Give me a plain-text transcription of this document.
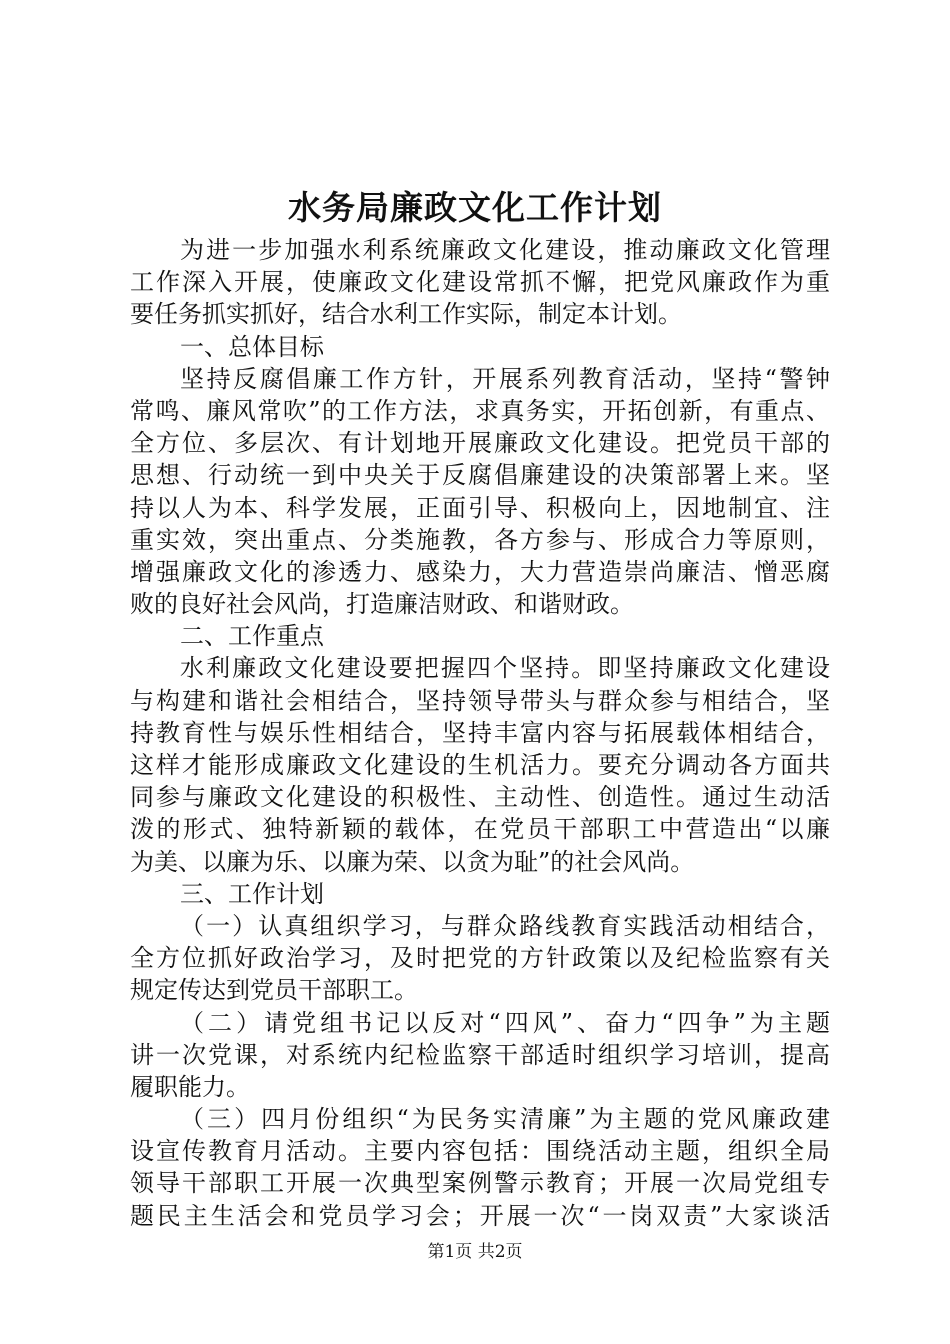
水务局廉政文化工作计划
为进一步加强水利系统廉政文化建设，推动廉政文化管理
工作深入开展，使廉政文化建设常抓不懈，把党风廉政作为重
要任务抓实抓好，结合水利工作实际，制定本计划。
一、总体目标
坚持反腐倡廉工作方针，开展系列教育活动，坚持“警钟
常鸣、廉风常吹”的工作方法，求真务实，开拓创新，有重点、
全方位、多层次、有计划地开展廉政文化建设。把党员干部的
思想、行动统一到中央关于反腐倡廉建设的决策部署上来。坚
持以人为本、科学发展，正面引导、积极向上，因地制宜、注
重实效，突出重点、分类施教，各方参与、形成合力等原则，
增强廉政文化的渗透力、感染力，大力营造崇尚廉洁、憎恶腐
败的良好社会风尚，打造廉洁财政、和谐财政。
二、工作重点
水利廉政文化建设要把握四个坚持。即坚持廉政文化建设
与构建和谐社会相结合，坚持领导带头与群众参与相结合，坚
持教育性与娱乐性相结合，坚持丰富内容与拓展载体相结合，
这样才能形成廉政文化建设的生机活力。要充分调动各方面共
同参与廉政文化建设的积极性、主动性、创造性。通过生动活
泼的形式、独特新颖的载体，在党员干部职工中营造出“以廉
为美、以廉为乐、以廉为荣、以贪为耻”的社会风尚。
三、工作计划
（一）认真组织学习，与群众路线教育实践活动相结合，
全方位抓好政治学习，及时把党的方针政策以及纪检监察有关
规定传达到党员干部职工。
（二）请党组书记以反对“四风”、奋力“四争”为主题
讲一次党课，对系统内纪检监察干部适时组织学习培训，提高
履职能力。
（三）四月份组织“为民务实清廉”为主题的党风廉政建
设宣传教育月活动。主要内容包括：围绕活动主题，组织全局
领导干部职工开展一次典型案例警示教育；开展一次局党组专
题民主生活会和党员学习会；开展一次“一岗双责”大家谈活
第1页 共2页
